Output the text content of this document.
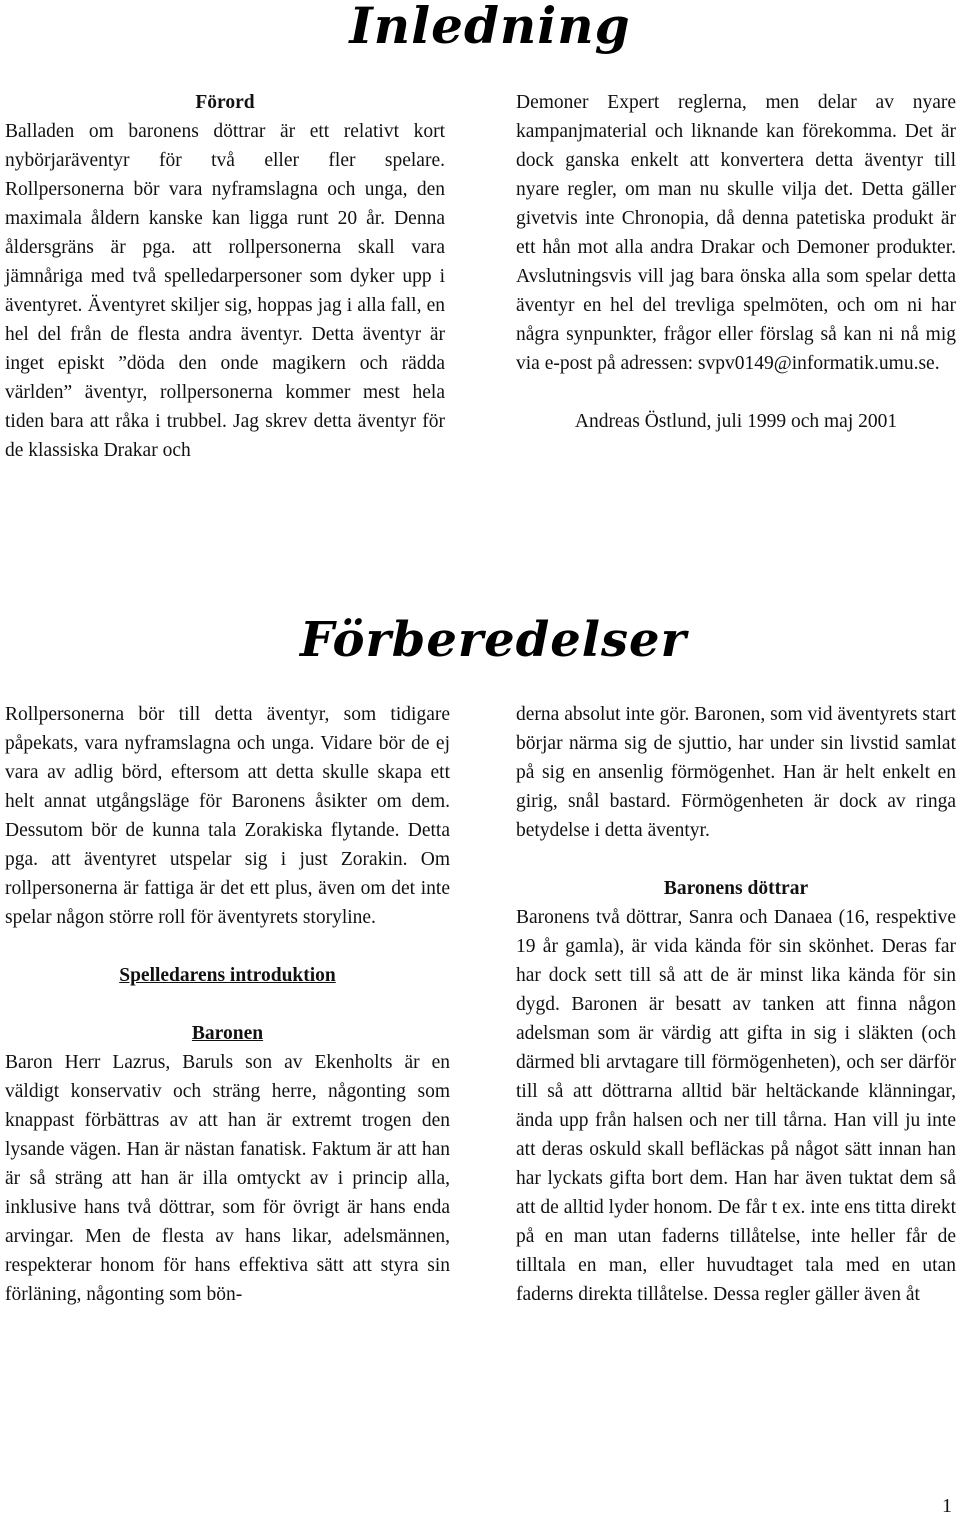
Inledning

Förord

Balladen om baronens döttrar är ett relativt kort nybörjaräventyr för två eller fler spelare. Rollpersonerna bör vara nyframslagna och unga, den maximala åldern kanske kan ligga runt 20 år. Denna åldersgräns är pga. att rollpersonerna skall vara jämnåriga med två spelledarpersoner som dyker upp i äventyret. Äventyret skiljer sig, hoppas jag i alla fall, en hel del från de flesta andra äventyr. Detta äventyr är inget episkt ”döda den onde magikern och rädda världen” äventyr, rollpersonerna kommer mest hela tiden bara att råka i trubbel. Jag skrev detta äventyr för de klassiska Drakar och

Demoner Expert reglerna, men delar av nyare kampanjmaterial och liknande kan förekomma. Det är dock ganska enkelt att konvertera detta äventyr till nyare regler, om man nu skulle vilja det. Detta gäller givetvis inte Chronopia, då denna patetiska produkt är ett hån mot alla andra Drakar och Demoner produkter. Avslutningsvis vill jag bara önska alla som spelar detta äventyr en hel del trevliga spelmöten, och om ni har några synpunkter, frågor eller förslag så kan ni nå mig via e-post på adressen: svpv0149@informatik.umu.se.

Andreas Östlund, juli 1999 och maj 2001

Förberedelser

Rollpersonerna bör till detta äventyr, som tidigare påpekats, vara nyframslagna och unga. Vidare bör de ej vara av adlig börd, eftersom att detta skulle skapa ett helt annat utgångsläge för Baronens åsikter om dem. Dessutom bör de kunna tala Zorakiska flytande. Detta pga. att äventyret utspelar sig i just Zorakin. Om rollpersonerna är fattiga är det ett plus, även om det inte spelar någon större roll för äventyrets storyline.

Spelledarens introduktion

Baronen

Baron Herr Lazrus, Baruls son av Ekenholts är en väldigt konservativ och sträng herre, någonting som knappast förbättras av att han är extremt trogen den lysande vägen. Han är nästan fanatisk. Faktum är att han är så sträng att han är illa omtyckt av i princip alla, inklusive hans två döttrar, som för övrigt är hans enda arvingar. Men de flesta av hans likar, adelsmännen, respekterar honom för hans effektiva sätt att styra sin förläning, någonting som bön-

derna absolut inte gör. Baronen, som vid äventyrets start börjar närma sig de sjuttio, har under sin livstid samlat på sig en ansenlig förmögenhet. Han är helt enkelt en girig, snål bastard. Förmögenheten är dock av ringa betydelse i detta äventyr.

Baronens döttrar

Baronens två döttrar, Sanra och Danaea (16, respektive 19 år gamla), är vida kända för sin skönhet. Deras far har dock sett till så att de är minst lika kända för sin dygd. Baronen är besatt av tanken att finna någon adelsman som är värdig att gifta in sig i släkten (och därmed bli arvtagare till förmögenheten), och ser därför till så att döttrarna alltid bär heltäckande klänningar, ända upp från halsen och ner till tårna. Han vill ju inte att deras oskuld skall befläckas på något sätt innan han har lyckats gifta bort dem. Han har även tuktat dem så att de alltid lyder honom. De får t ex. inte ens titta direkt på en man utan faderns tillåtelse, inte heller får de tilltala en man, eller huvudtaget tala med en utan faderns direkta tillåtelse. Dessa regler gäller även åt

1
